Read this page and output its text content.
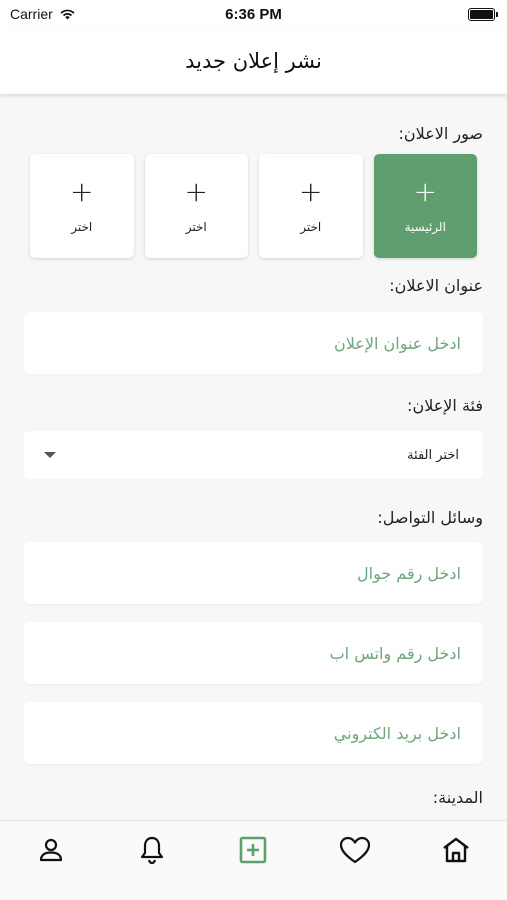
Carrier	6:36 PM
نشر إعلان جديد
صور الاعلان:
+
الرئيسية
+
اختر
+
اختر
+
اختر
عنوان الاعلان:
ادخل عنوان الإعلان
فئة الإعلان:
اختر الفئة
وسائل التواصل:
ادخل رقم جوال
ادخل رقم واتس اب
ادخل بريد الكتروني
المدينة:
